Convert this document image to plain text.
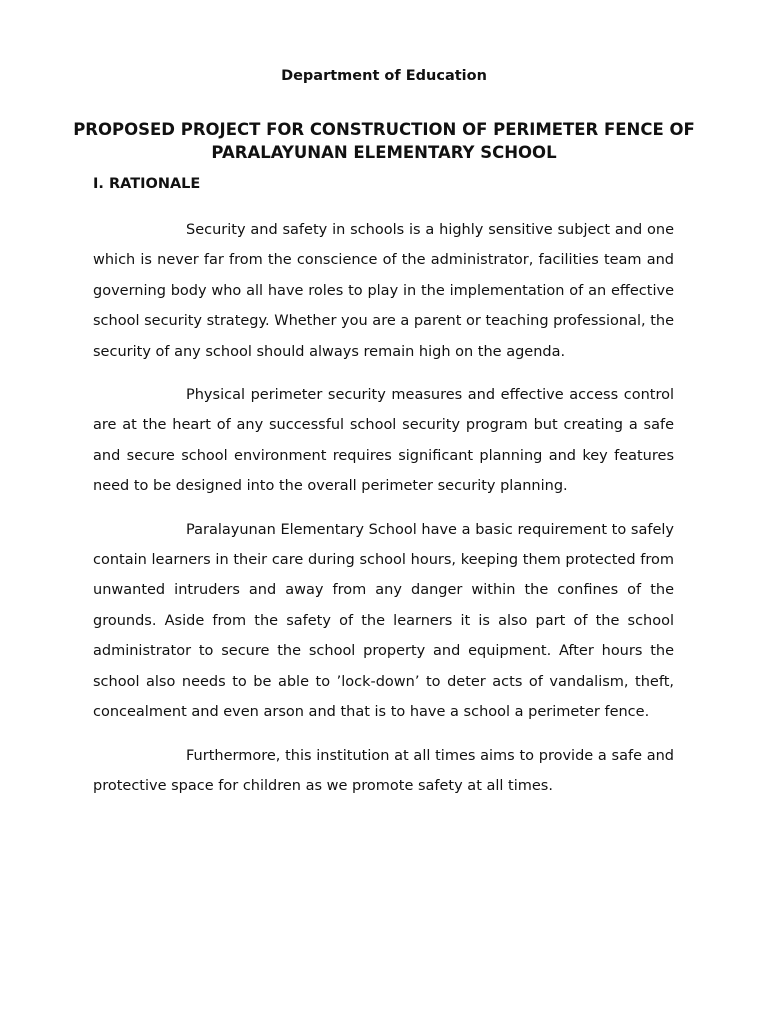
Department of Education
PROPOSED PROJECT FOR CONSTRUCTION OF PERIMETER FENCE OF PARALAYUNAN ELEMENTARY SCHOOL
I. RATIONALE

Security and safety in schools is a highly sensitive subject and one which is never far from the conscience of the administrator, facilities team and governing body who all have roles to play in the implementation of an effective school security strategy. Whether you are a parent or teaching professional, the security of any school should always remain high on the agenda.

Physical perimeter security measures and effective access control are at the heart of any successful school security program but creating a safe and secure school environment requires significant planning and key features need to be designed into the overall perimeter security planning.

Paralayunan Elementary School have a basic requirement to safely contain learners in their care during school hours, keeping them protected from unwanted intruders and away from any danger within the confines of the grounds. Aside from the safety of the learners it is also part of the school administrator to secure the school property and equipment. After hours the school also needs to be able to ’lock-down’ to deter acts of vandalism, theft, concealment and even arson and that is to have a school a perimeter fence.

Furthermore, this institution at all times aims to provide a safe and protective space for children as we promote safety at all times.
